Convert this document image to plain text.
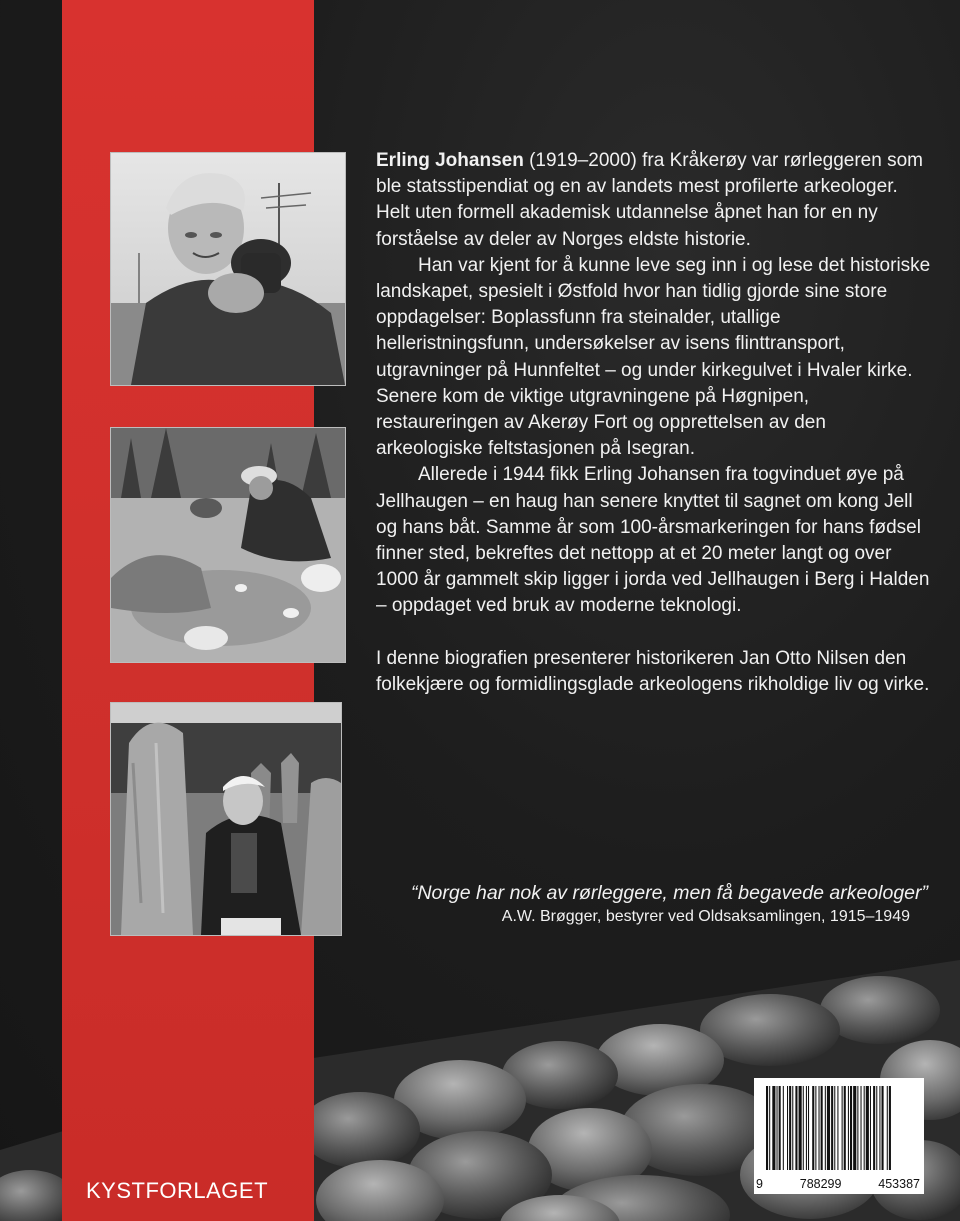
Erling Johansen (1919–2000) fra Kråkerøy var rørleggeren som ble statsstipendiat og en av landets mest profilerte arkeologer. Helt uten formell akademisk utdannelse åpnet han for en ny forståelse av deler av Norges eldste historie.

Han var kjent for å kunne leve seg inn i og lese det historiske landskapet, spesielt i Østfold hvor han tidlig gjorde sine store oppdagelser: Boplassfunn fra steinalder, utallige helleristningsfunn, undersøkelser av isens flinttransport, utgravninger på Hunnfeltet – og under kirkegulvet i Hvaler kirke. Senere kom de viktige utgravningene på Høgnipen, restaureringen av Akerøy Fort og opprettelsen av den arkeologiske feltstasjonen på Isegran.

Allerede i 1944 fikk Erling Johansen fra togvinduet øye på Jellhaugen – en haug han senere knyttet til sagnet om kong Jell og hans båt. Samme år som 100-årsmarkeringen for hans fødsel finner sted, bekreftes det nettopp at et 20 meter langt og over 1000 år gammelt skip ligger i jorda ved Jellhaugen i Berg i Halden – oppdaget ved bruk av moderne teknologi.

I denne biografien presenterer historikeren Jan Otto Nilsen den folkekjære og formidlingsglade arkeologens rikholdige liv og virke.

“Norge har nok av rørleggere, men få begavede arkeologer”
A.W. Brøgger, bestyrer ved Oldsaksamlingen, 1915–1949
KYSTFORLAGET	9	788299	453387
